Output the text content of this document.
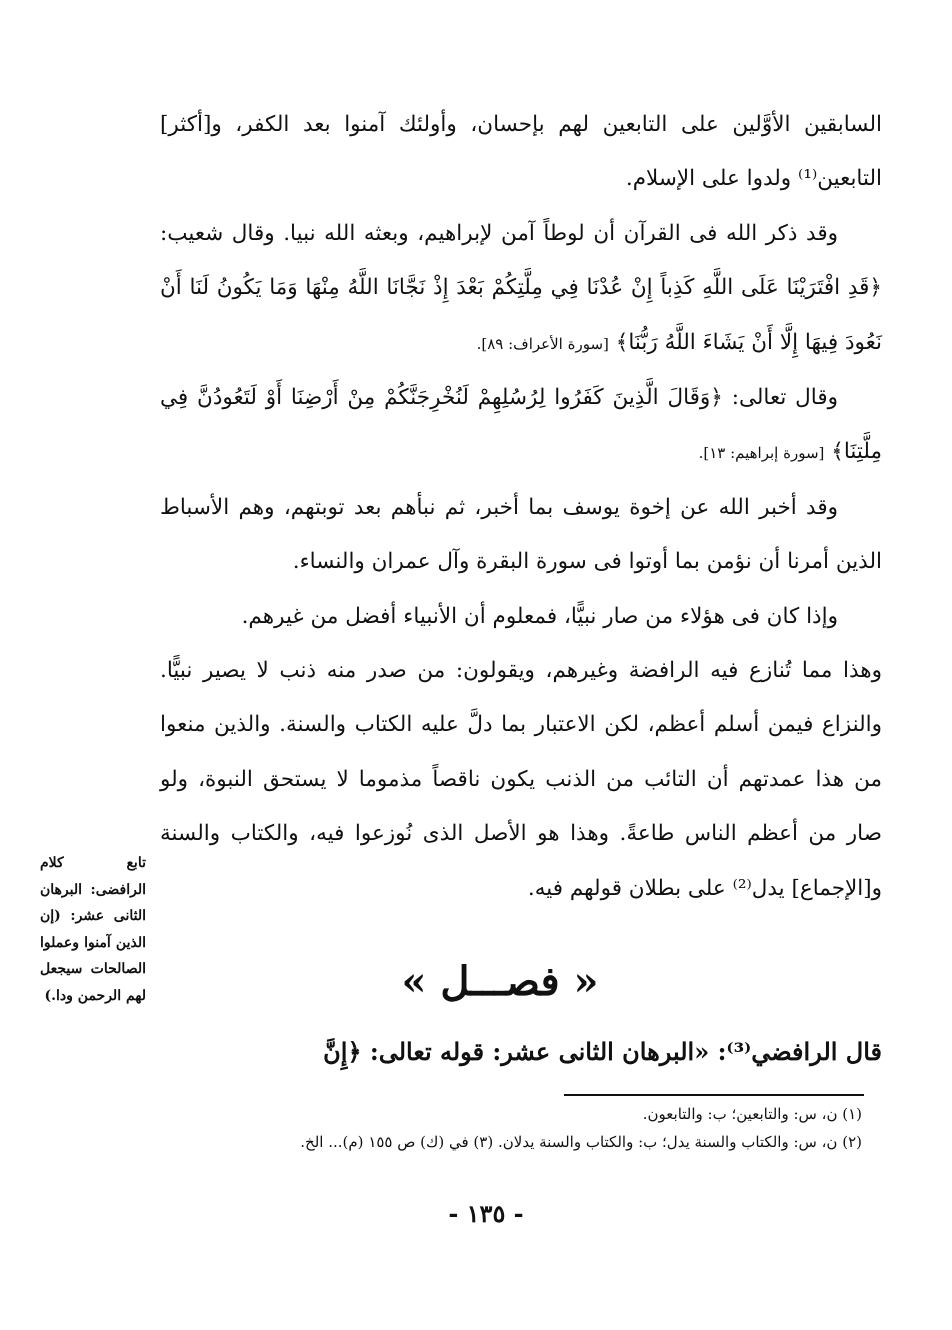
السابقين الأوَّلين على التابعين لهم بإحسان، وأولئك آمنوا بعد الكفر، و[أكثر] التابعين⁽¹⁾ ولدوا على الإسلام.

وقد ذكر الله فى القرآن أن لوطاً آمن لإبراهيم، وبعثه الله نبيا. وقال شعيب: ﴿قَدِ افْتَرَيْنَا عَلَى اللَّهِ كَذِباً إِنْ عُدْنَا فِي مِلَّتِكُمْ بَعْدَ إِذْ نَجَّانَا اللَّهُ مِنْهَا وَمَا يَكُونُ لَنَا أَنْ نَعُودَ فِيهَا إِلَّا أَنْ يَشَاءَ اللَّهُ رَبُّنَا﴾ [سورة الأعراف: ٨٩].

وقال تعالى: ﴿وَقَالَ الَّذِينَ كَفَرُوا لِرُسُلِهِمْ لَنُخْرِجَنَّكُمْ مِنْ أَرْضِنَا أَوْ لَتَعُودُنَّ فِي مِلَّتِنَا﴾ [سورة إبراهيم: ١٣].

وقد أخبر الله عن إخوة يوسف بما أخبر، ثم نبأهم بعد توبتهم، وهم الأسباط الذين أمرنا أن نؤمن بما أوتوا فى سورة البقرة وآل عمران والنساء.

وإذا كان فى هؤلاء من صار نبيًّا، فمعلوم أن الأنبياء أفضل من غيرهم.

وهذا مما تُنازع فيه الرافضة وغيرهم، ويقولون: من صدر منه ذنب لا يصير نبيًّا. والنزاع فيمن أسلم أعظم، لكن الاعتبار بما دلَّ عليه الكتاب والسنة. والذين منعوا من هذا عمدتهم أن التائب من الذنب يكون ناقصاً مذموما لا يستحق النبوة، ولو صار من أعظم الناس طاعةً. وهذا هو الأصل الذى نُوزعوا فيه، والكتاب والسنة و[الإجماع] يدل⁽²⁾ على بطلان قولهم فيه.

تابع كلام الرافضى: البرهان الثانى عشر: (إن الذين آمنوا وعملوا الصالحات سيجعل لهم الرحمن ودا.)	« فصـــل »
قال الرافضي⁽³⁾: «البرهان الثانى عشر: قوله تعالى: ﴿إِنَّ
(١) ن، س: والتابعين؛ ب: والتابعون.
(٢) ن، س: والكتاب والسنة يدل؛ ب: والكتاب والسنة يدلان. (٣) في (ك) ص ١٥٥ (م)... الخ.
- ١٣٥ -
